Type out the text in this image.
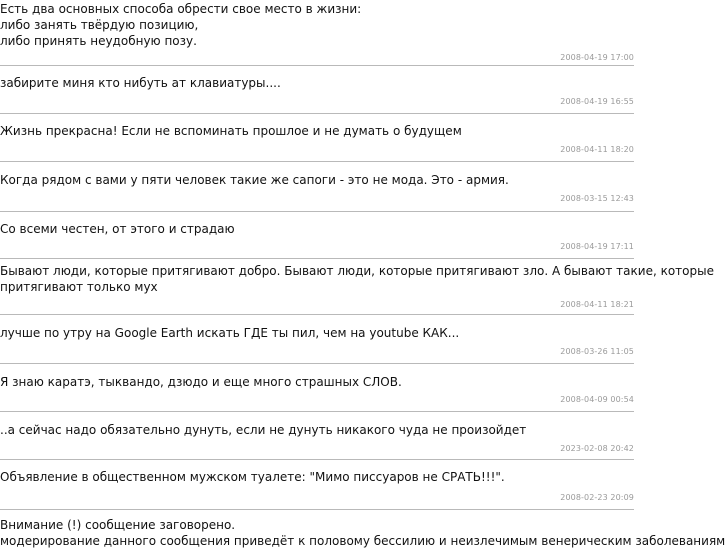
Есть два основных способа обрести свое место в жизни:
либо занять твёрдую позицию,
либо принять неудобную позу.
2008-04-19 17:00
забирите миня кто нибуть ат клавиатуры....
2008-04-19 16:55
Жизнь прекрасна! Если не вспоминать прошлое и не думать о будущем
2008-04-11 18:20
Когда рядом с вами у пяти человек такие же сапоги - это не мода. Это - армия.
2008-03-15 12:43
Со всеми честен, от этого и страдаю
2008-04-19 17:11
Бывают люди, которые притягивают добро. Бывают люди, которые притягивают зло. А бывают такие, которые
притягивают только мух
2008-04-11 18:21
лучше по утру на Google Earth искать ГДЕ ты пил, чем на youtube КАК...
2008-03-26 11:05
Я знаю каратэ, тыквандо, дзюдо и еще много страшных СЛОВ.
2008-04-09 00:54
..а сейчас надо обязательно дунуть, если не дунуть никакого чуда не произойдет
2023-02-08 20:42
Объявление в общественном мужском туалете: "Мимо писсуаров не СРАТЬ!!!".
2008-02-23 20:09
Внимание (!) сообщение заговорено.
модерирование данного сообщения приведёт к половому бессилию и неизлечимым венерическим заболеваниям
